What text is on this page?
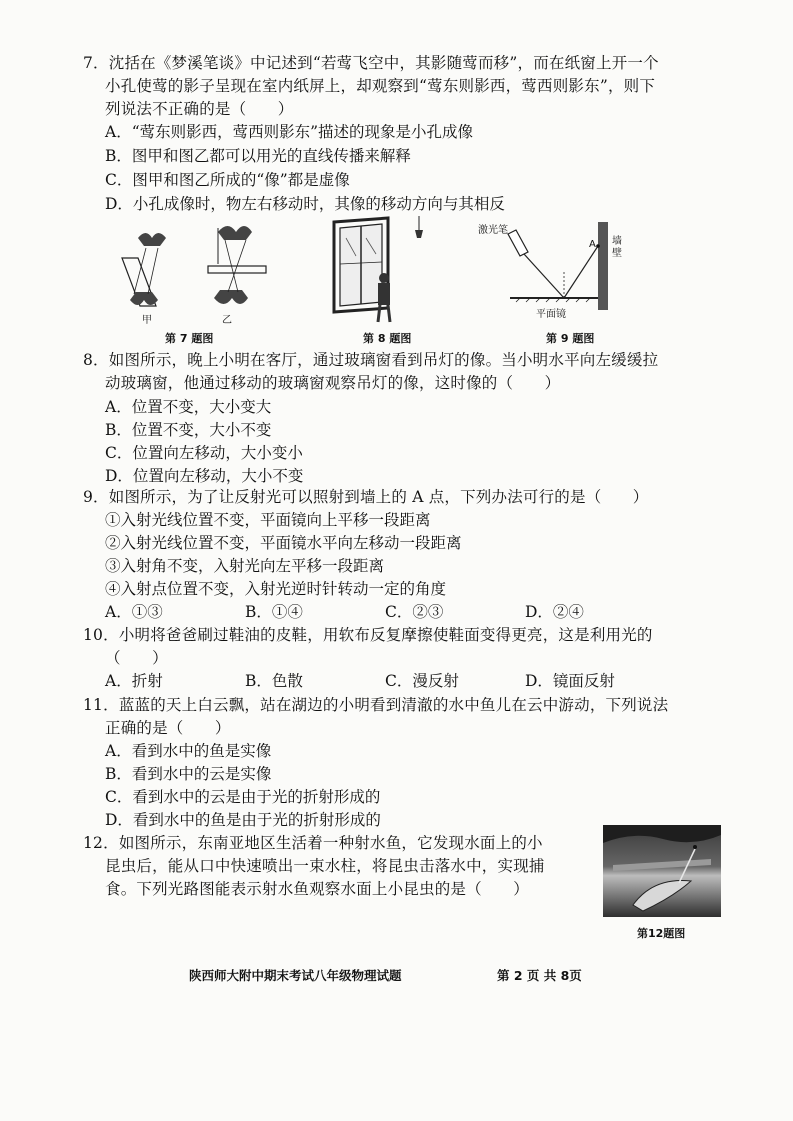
7．沈括在《梦溪笔谈》中记述到“若莺飞空中，其影随莺而移”，而在纸窗上开一个
小孔使莺的影子呈现在室内纸屏上，却观察到“莺东则影西，莺西则影东”，则下
列说法不正确的是（　　）
A．“莺东则影西，莺西则影东”描述的现象是小孔成像
B．图甲和图乙都可以用光的直线传播来解释
C．图甲和图乙所成的“像”都是虚像
D．小孔成像时，物左右移动时，其像的移动方向与其相反
甲	乙
第 7 题图	第 8 题图
激光笔
A 墙壁
平面镜
第 9 题图
8．如图所示，晚上小明在客厅，通过玻璃窗看到吊灯的像。当小明水平向左缓缓拉
动玻璃窗，他通过移动的玻璃窗观察吊灯的像，这时像的（　　）
A．位置不变，大小变大
B．位置不变，大小不变
C．位置向左移动，大小变小
D．位置向左移动，大小不变
9．如图所示，为了让反射光可以照射到墙上的 A 点，下列办法可行的是（　　）
①入射光线位置不变，平面镜向上平移一段距离
②入射光线位置不变，平面镜水平向左移动一段距离
③入射角不变，入射光向左平移一段距离
④入射点位置不变，入射光逆时针转动一定的角度
A．①③	B．①④	C．②③	D．②④
10．小明将爸爸刷过鞋油的皮鞋，用软布反复摩擦使鞋面变得更亮，这是利用光的
（　　）
A．折射	B．色散	C．漫反射	D．镜面反射
11．蓝蓝的天上白云飘，站在湖边的小明看到清澈的水中鱼儿在云中游动，下列说法
正确的是（　　）
A．看到水中的鱼是实像
B．看到水中的云是实像
C．看到水中的云是由于光的折射形成的
D．看到水中的鱼是由于光的折射形成的
12．如图所示，东南亚地区生活着一种射水鱼，它发现水面上的小
昆虫后，能从口中快速喷出一束水柱，将昆虫击落水中，实现捕
食。下列光路图能表示射水鱼观察水面上小昆虫的是（　　）
第12题图
陕西师大附中期末考试八年级物理试题	第 2 页 共 8页
